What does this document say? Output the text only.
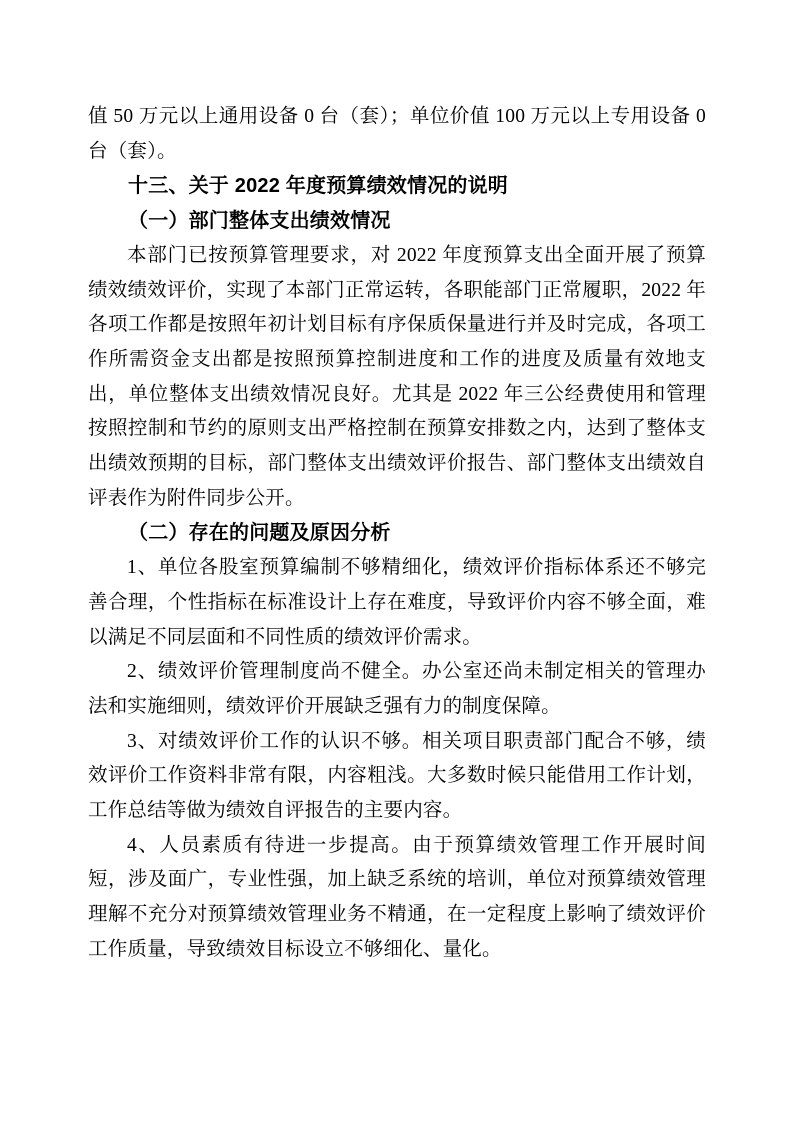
值 50 万元以上通用设备 0 台（套）；单位价值 100 万元以上专用设备 0 台（套）。

十三、关于 2022 年度预算绩效情况的说明

（一）部门整体支出绩效情况

本部门已按预算管理要求，对 2022 年度预算支出全面开展了预算绩效绩效评价，实现了本部门正常运转，各职能部门正常履职，2022 年各项工作都是按照年初计划目标有序保质保量进行并及时完成，各项工作所需资金支出都是按照预算控制进度和工作的进度及质量有效地支出，单位整体支出绩效情况良好。尤其是 2022 年三公经费使用和管理按照控制和节约的原则支出严格控制在预算安排数之内，达到了整体支出绩效预期的目标，部门整体支出绩效评价报告、部门整体支出绩效自评表作为附件同步公开。

（二）存在的问题及原因分析

1、单位各股室预算编制不够精细化，绩效评价指标体系还不够完善合理，个性指标在标准设计上存在难度，导致评价内容不够全面，难以满足不同层面和不同性质的绩效评价需求。

2、绩效评价管理制度尚不健全。办公室还尚未制定相关的管理办法和实施细则，绩效评价开展缺乏强有力的制度保障。

3、对绩效评价工作的认识不够。相关项目职责部门配合不够，绩效评价工作资料非常有限，内容粗浅。大多数时候只能借用工作计划，工作总结等做为绩效自评报告的主要内容。

4、人员素质有待进一步提高。由于预算绩效管理工作开展时间短，涉及面广，专业性强，加上缺乏系统的培训，单位对预算绩效管理理解不充分对预算绩效管理业务不精通，在一定程度上影响了绩效评价工作质量，导致绩效目标设立不够细化、量化。
